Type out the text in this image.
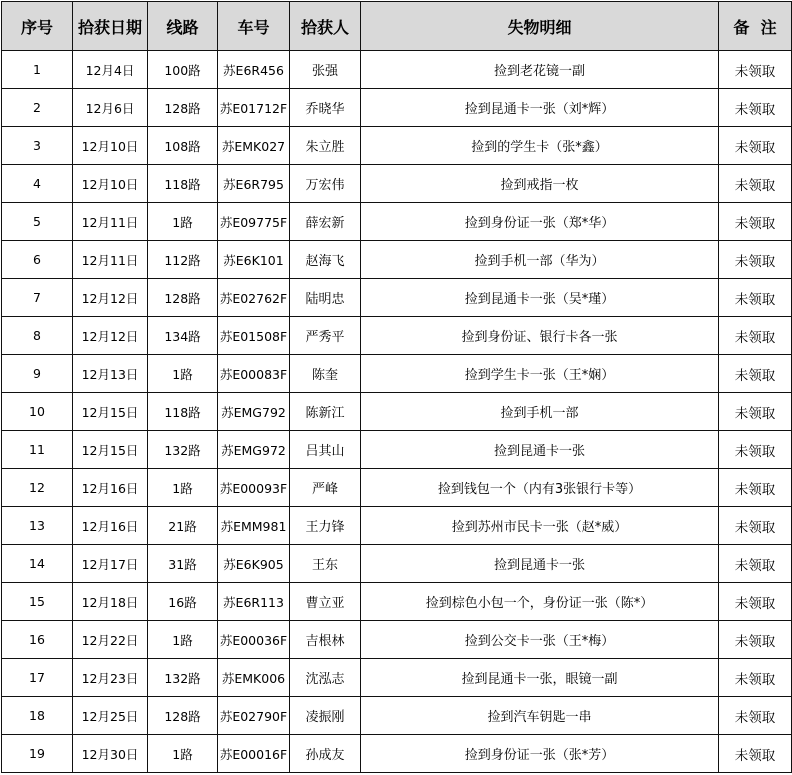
序号	拾获日期	线路	车号	拾获人	失物明细	备  注
1	12月4日	100路	苏E6R456	张强	捡到老花镜一副	未领取
2	12月6日	128路	苏E01712F	乔晓华	捡到昆通卡一张（刘*辉）	未领取
3	12月10日	108路	苏EMK027	朱立胜	捡到的学生卡（张*鑫）	未领取
4	12月10日	118路	苏E6R795	万宏伟	捡到戒指一枚	未领取
5	12月11日	1路	苏E09775F	薛宏新	捡到身份证一张（郑*华）	未领取
6	12月11日	112路	苏E6K101	赵海飞	捡到手机一部（华为）	未领取
7	12月12日	128路	苏E02762F	陆明忠	捡到昆通卡一张（吴*瑾）	未领取
8	12月12日	134路	苏E01508F	严秀平	捡到身份证、银行卡各一张	未领取
9	12月13日	1路	苏E00083F	陈奎	捡到学生卡一张（王*娴）	未领取
10	12月15日	118路	苏EMG792	陈新江	捡到手机一部	未领取
11	12月15日	132路	苏EMG972	吕其山	捡到昆通卡一张	未领取
12	12月16日	1路	苏E00093F	严峰	捡到钱包一个（内有3张银行卡等）	未领取
13	12月16日	21路	苏EMM981	王力锋	捡到苏州市民卡一张（赵*威）	未领取
14	12月17日	31路	苏E6K905	王东	捡到昆通卡一张	未领取
15	12月18日	16路	苏E6R113	曹立亚	捡到棕色小包一个，身份证一张（陈*）	未领取
16	12月22日	1路	苏E00036F	吉根林	捡到公交卡一张（王*梅）	未领取
17	12月23日	132路	苏EMK006	沈泓志	捡到昆通卡一张，眼镜一副	未领取
18	12月25日	128路	苏E02790F	凌振刚	捡到汽车钥匙一串	未领取
19	12月30日	1路	苏E00016F	孙成友	捡到身份证一张（张*芳）	未领取
